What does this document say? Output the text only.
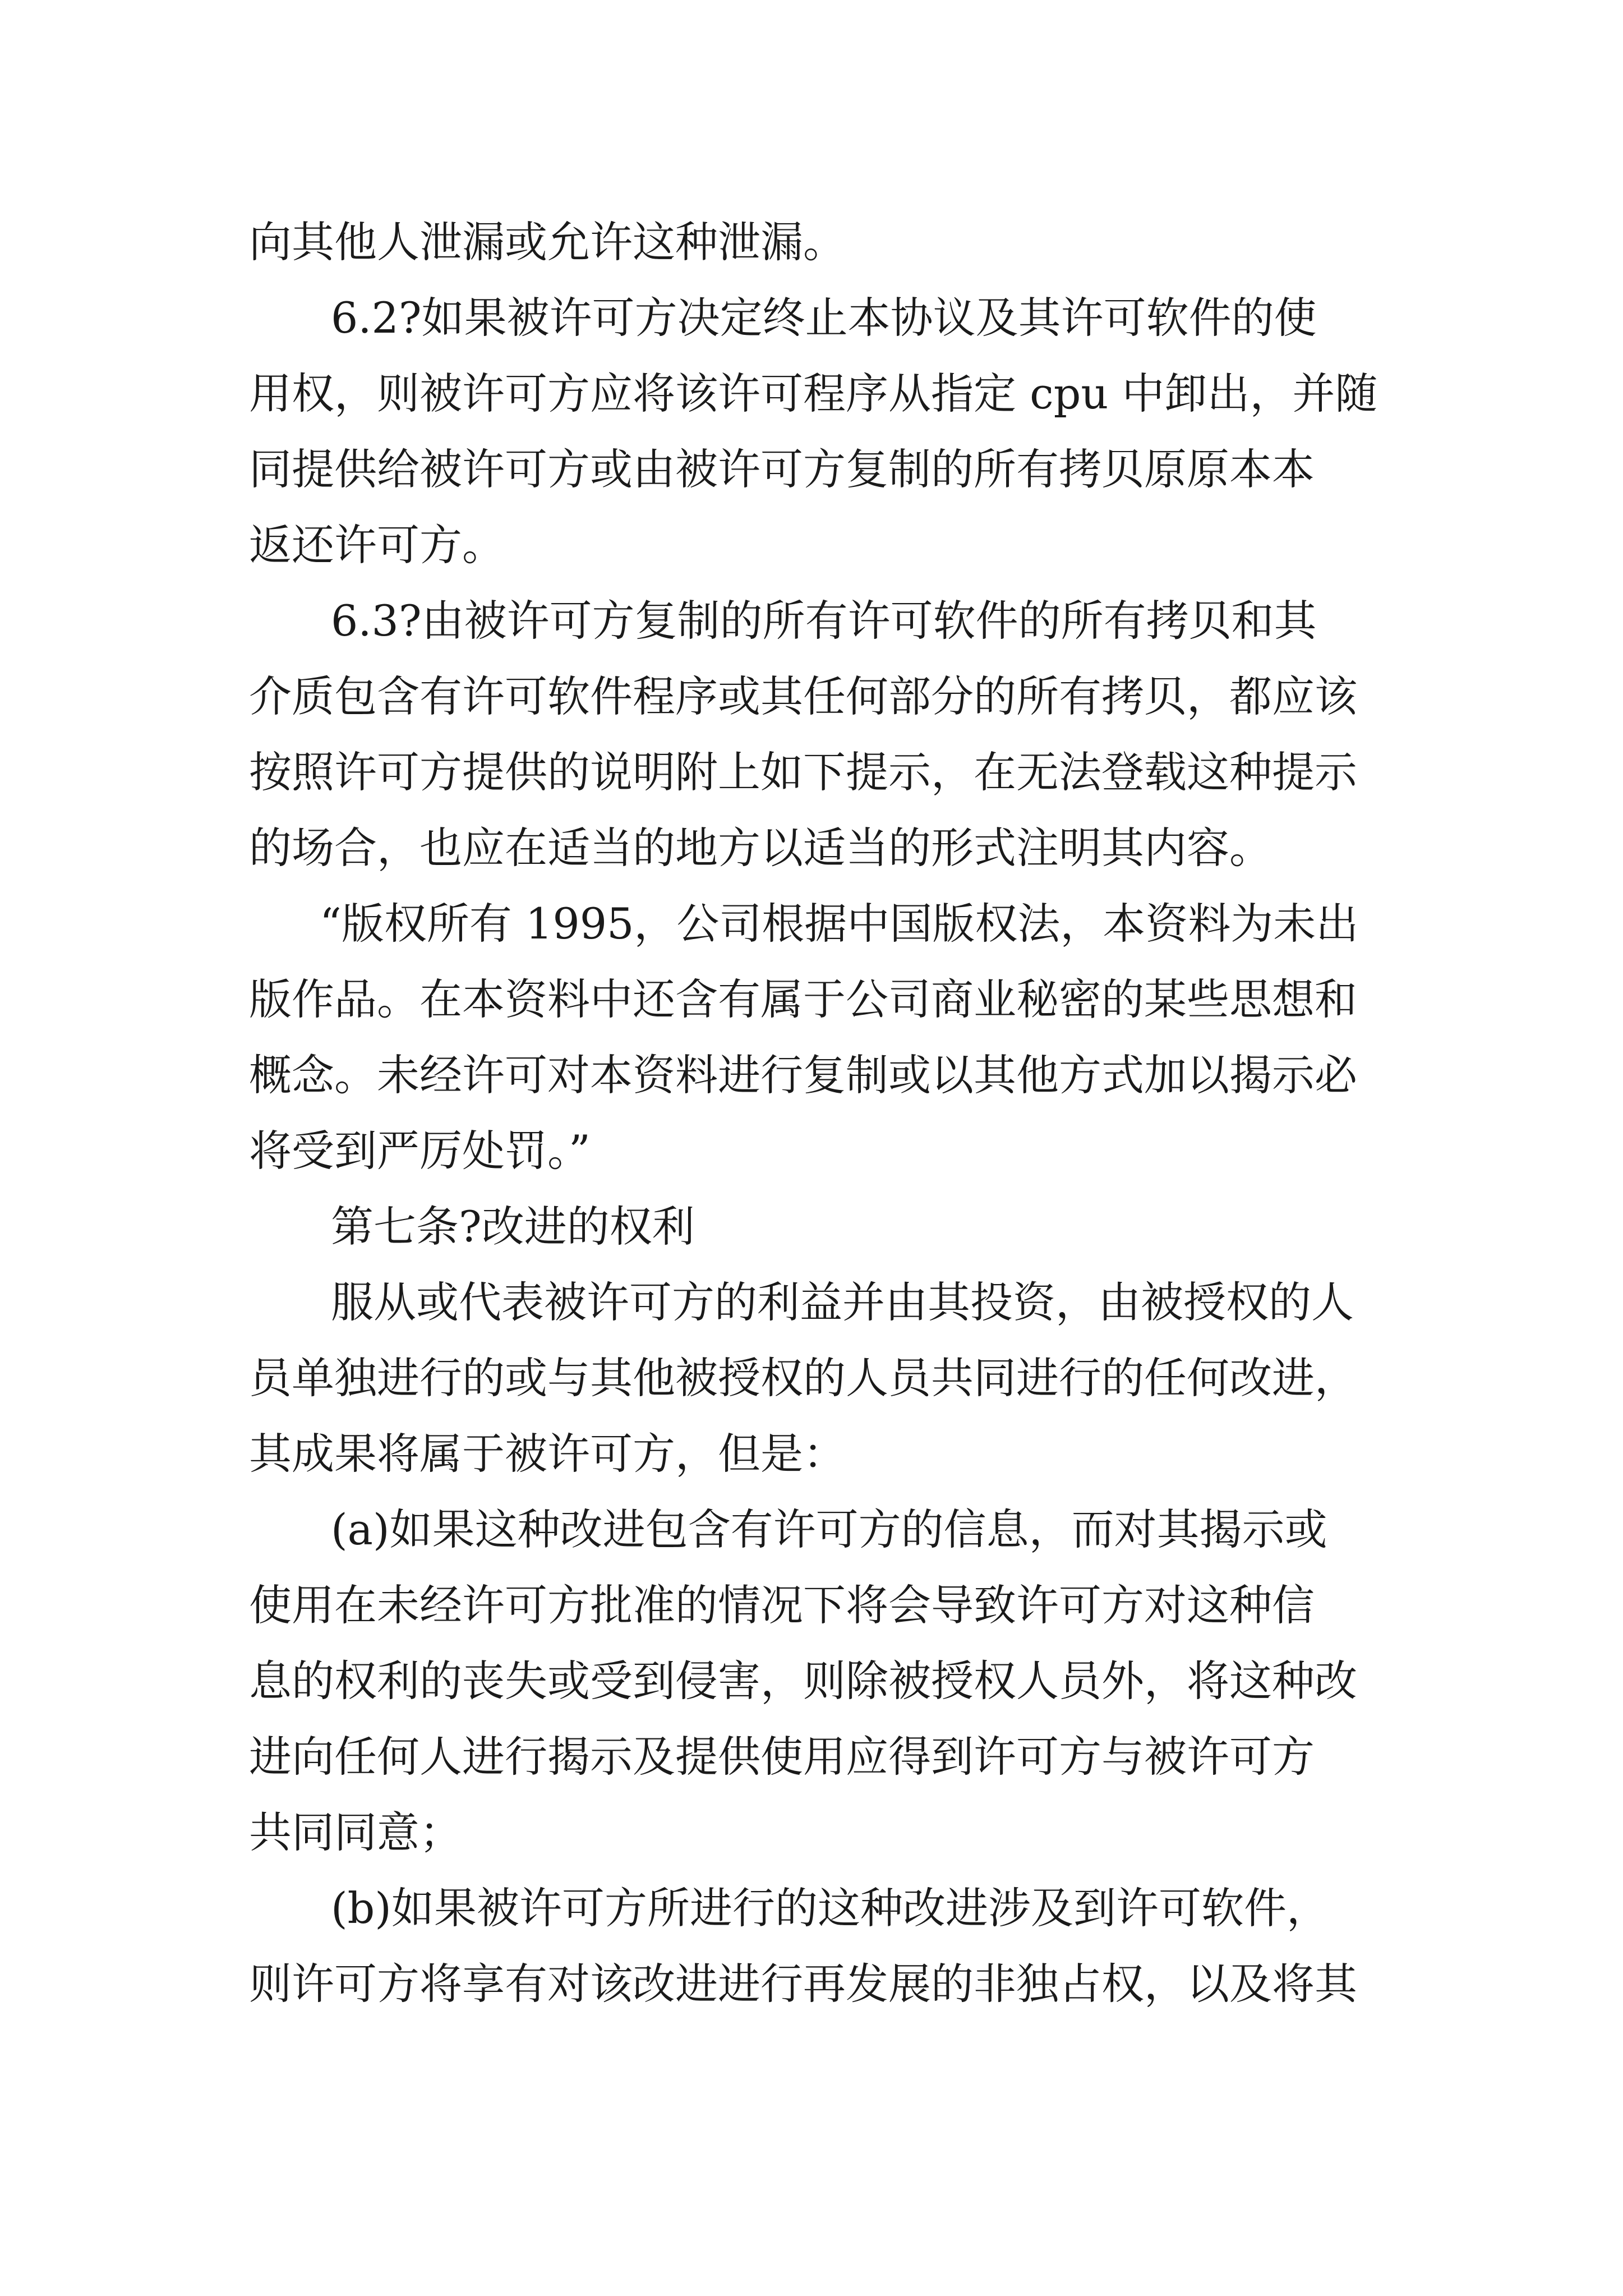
向其他人泄漏或允许这种泄漏。

6.2?如果被许可方决定终止本协议及其许可软件的使

用权，则被许可方应将该许可程序从指定 cpu 中卸出，并随

同提供给被许可方或由被许可方复制的所有拷贝原原本本

返还许可方。

6.3?由被许可方复制的所有许可软件的所有拷贝和其

介质包含有许可软件程序或其任何部分的所有拷贝，都应该

按照许可方提供的说明附上如下提示，在无法登载这种提示

的场合，也应在适当的地方以适当的形式注明其内容。

“版权所有 1995，公司根据中国版权法，本资料为未出

版作品。在本资料中还含有属于公司商业秘密的某些思想和

概念。未经许可对本资料进行复制或以其他方式加以揭示必

将受到严厉处罚。”

第七条?改进的权利

服从或代表被许可方的利益并由其投资，由被授权的人

员单独进行的或与其他被授权的人员共同进行的任何改进，

其成果将属于被许可方，但是：

(a)如果这种改进包含有许可方的信息，而对其揭示或

使用在未经许可方批准的情况下将会导致许可方对这种信

息的权利的丧失或受到侵害，则除被授权人员外，将这种改

进向任何人进行揭示及提供使用应得到许可方与被许可方

共同同意；

(b)如果被许可方所进行的这种改进涉及到许可软件，

则许可方将享有对该改进进行再发展的非独占权，以及将其
